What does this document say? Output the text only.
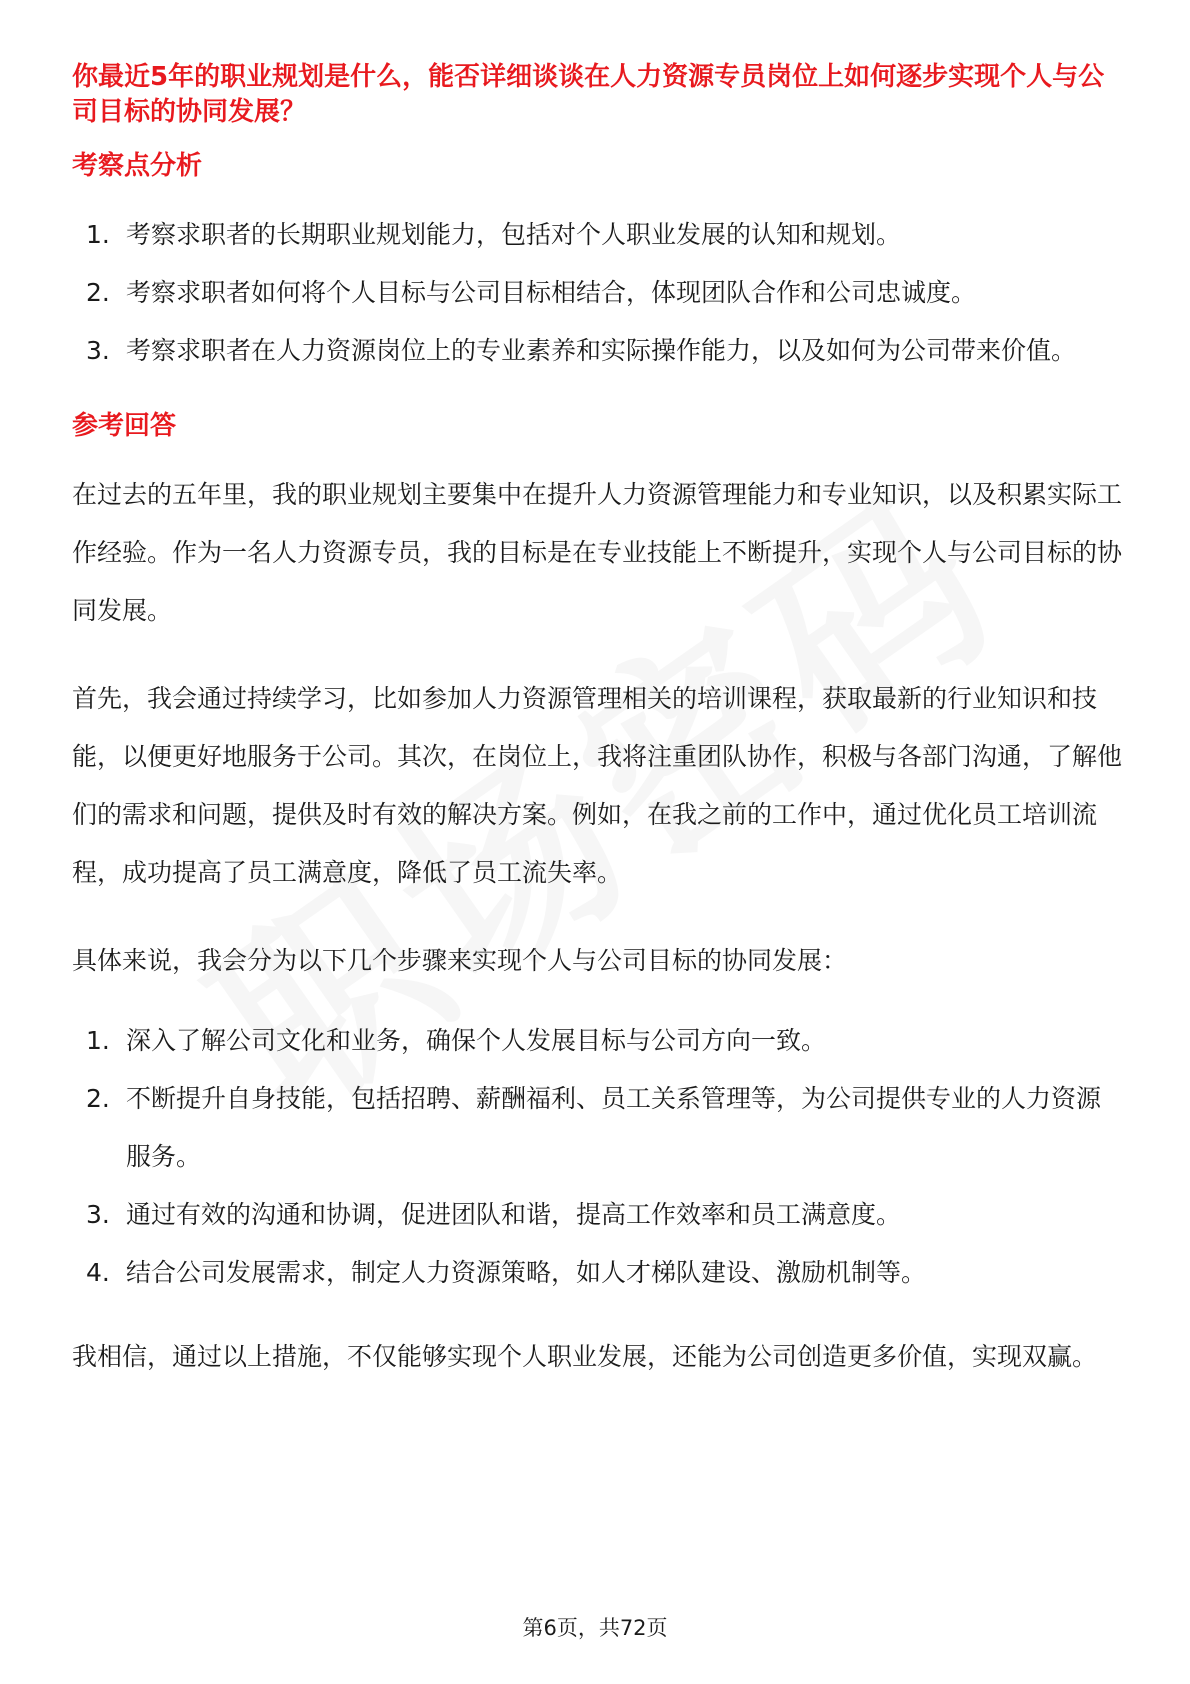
你最近5年的职业规划是什么，能否详细谈谈在人力资源专员岗位上如何逐步实现个人与公司目标的协同发展？

考察点分析
1. 考察求职者的长期职业规划能力，包括对个人职业发展的认知和规划。
2. 考察求职者如何将个人目标与公司目标相结合，体现团队合作和公司忠诚度。
3. 考察求职者在人力资源岗位上的专业素养和实际操作能力，以及如何为公司带来价值。
参考回答

在过去的五年里，我的职业规划主要集中在提升人力资源管理能力和专业知识，以及积累实际工作经验。作为一名人力资源专员，我的目标是在专业技能上不断提升，实现个人与公司目标的协同发展。

首先，我会通过持续学习，比如参加人力资源管理相关的培训课程，获取最新的行业知识和技能，以便更好地服务于公司。其次，在岗位上，我将注重团队协作，积极与各部门沟通，了解他们的需求和问题，提供及时有效的解决方案。例如，在我之前的工作中，通过优化员工培训流程，成功提高了员工满意度，降低了员工流失率。

具体来说，我会分为以下几个步骤来实现个人与公司目标的协同发展：

1. 深入了解公司文化和业务，确保个人发展目标与公司方向一致。
2. 不断提升自身技能，包括招聘、薪酬福利、员工关系管理等，为公司提供专业的人力资源服务。
3. 通过有效的沟通和协调，促进团队和谐，提高工作效率和员工满意度。
4. 结合公司发展需求，制定人力资源策略，如人才梯队建设、激励机制等。

我相信，通过以上措施，不仅能够实现个人职业发展，还能为公司创造更多价值，实现双赢。

第6页，共72页
